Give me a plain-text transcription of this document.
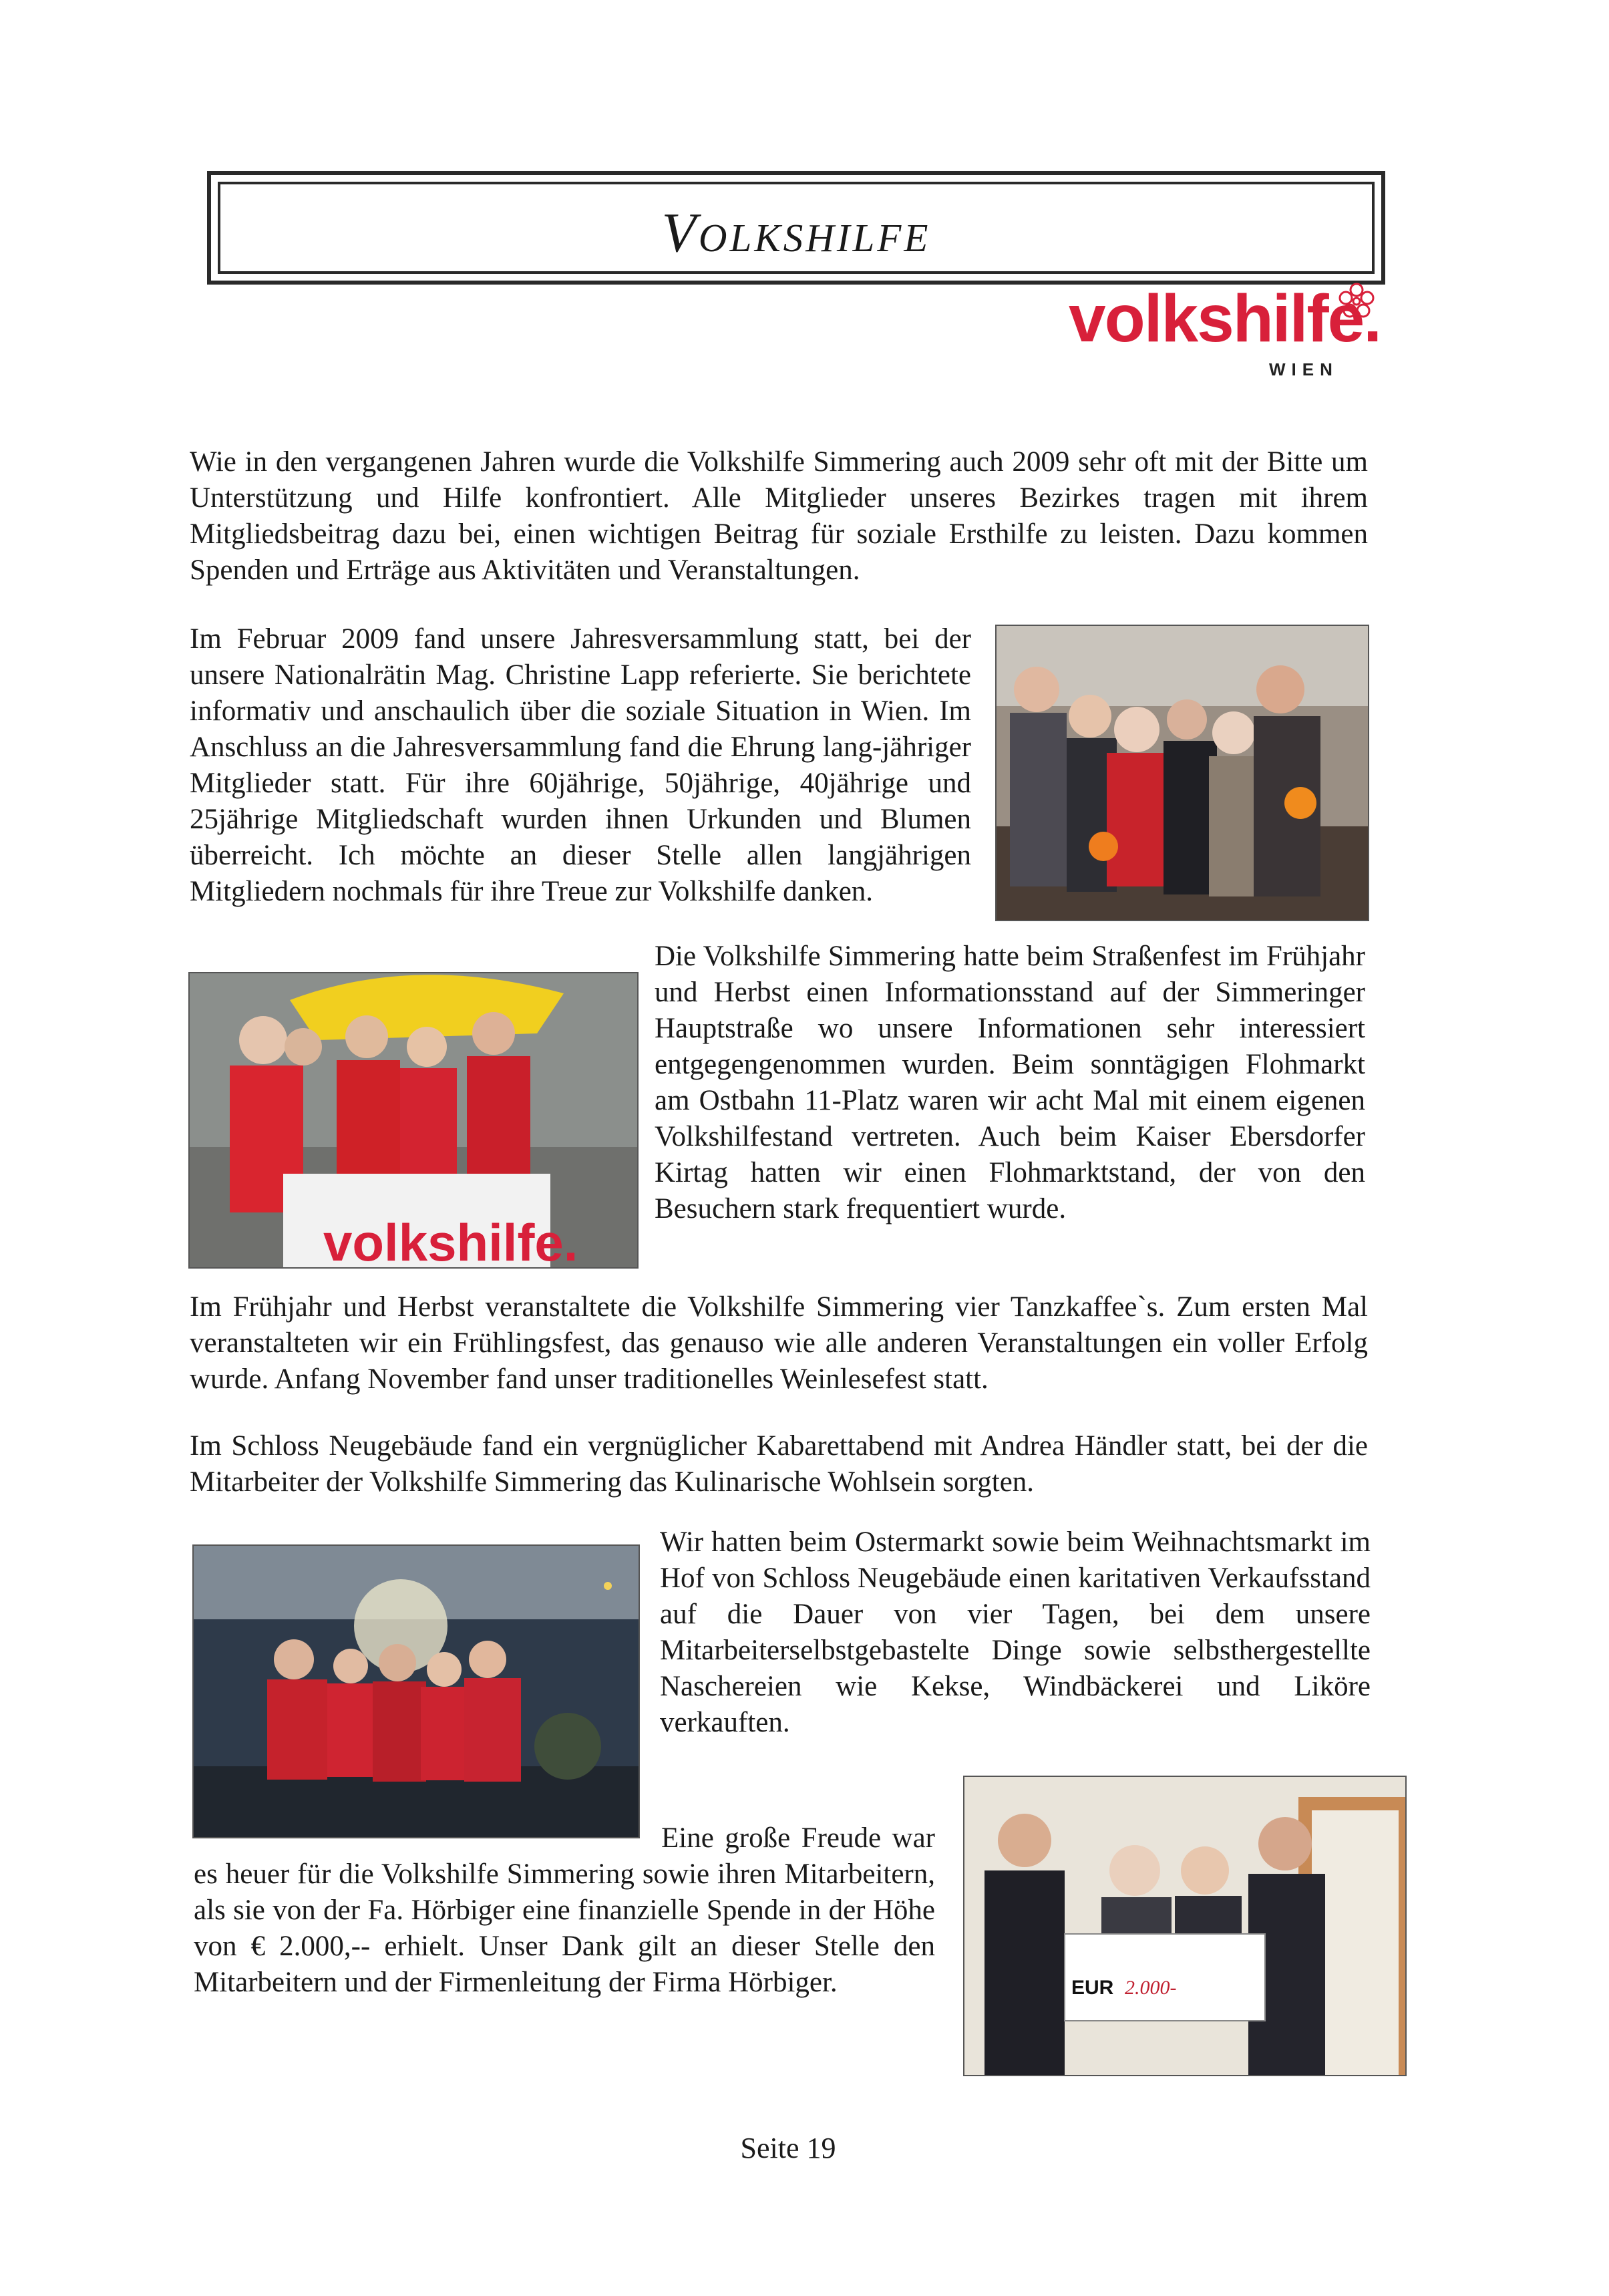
Volkshilfe
volkshilfe.
WIEN

Wie in den vergangenen Jahren wurde die Volkshilfe Simmering auch 2009 sehr oft mit der Bitte um Unterstützung und Hilfe konfrontiert. Alle Mitglieder unseres Bezirkes tragen mit ihrem Mitgliedsbeitrag dazu bei, einen wichtigen Beitrag für soziale Ersthilfe zu leisten. Dazu kommen Spenden und Erträge aus Aktivitäten und Veranstaltungen.

Im Februar 2009 fand unsere Jahresversammlung statt, bei der unsere Nationalrätin Mag. Christine Lapp referierte. Sie berichtete informativ und anschaulich über die soziale Situation in Wien. Im Anschluss an die Jahresversammlung fand die Ehrung lang-jähriger Mitglieder statt. Für ihre 60jährige, 50jährige, 40jährige und 25jährige Mitgliedschaft wurden ihnen Urkunden und Blumen überreicht. Ich möchte an dieser Stelle allen langjährigen Mitgliedern nochmals für ihre Treue zur Volkshilfe danken.

volkshilfe.

Die Volkshilfe Simmering hatte beim Straßenfest im Frühjahr und Herbst einen Informationsstand auf der Simmeringer Hauptstraße wo unsere Informationen sehr interessiert entgegengenommen wurden. Beim sonntägigen Flohmarkt am Ostbahn 11-Platz waren wir acht Mal mit einem eigenen Volkshilfestand vertreten. Auch beim Kaiser Ebersdorfer Kirtag hatten wir einen Flohmarktstand, der von den Besuchern stark frequentiert wurde.

Im Frühjahr und Herbst veranstaltete die Volkshilfe Simmering vier Tanzkaffee`s. Zum ersten Mal veranstalteten wir ein Frühlingsfest, das genauso wie alle anderen Veranstaltungen ein voller Erfolg wurde. Anfang November fand unser traditionelles Weinlesefest statt.

Im Schloss Neugebäude fand ein vergnüglicher Kabarettabend mit Andrea Händler statt, bei der die Mitarbeiter der Volkshilfe Simmering das Kulinarische Wohlsein sorgten.

Wir hatten beim Ostermarkt sowie beim Weihnachtsmarkt im Hof von Schloss Neugebäude einen karitativen Verkaufsstand auf die Dauer von vier Tagen, bei dem unsere Mitarbeiterselbstgebastelte Dinge sowie selbsthergestellte Naschereien wie Kekse, Windbäckerei und Liköre verkauften.

EUR 2.000-

Eine große Freude war es heuer für die Volkshilfe Simmering sowie ihren Mitarbeitern, als sie von der Fa. Hörbiger eine finanzielle Spende in der Höhe von € 2.000,-- erhielt. Unser Dank gilt an dieser Stelle den Mitarbeitern und der Firmenleitung der Firma Hörbiger.

Seite 19
